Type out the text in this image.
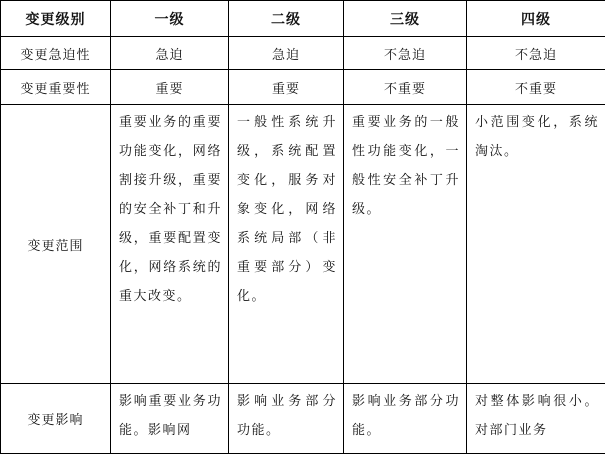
变更级别	一级	二级	三级	四级
变更急迫性	急迫	急迫	不急迫	不急迫
变更重要性	重要	重要	不重要	不重要
变更范围	重要业务的重要功能变化，网络割接升级，重要的安全补丁和升级，重要配置变化，网络系统的重大改变。	一般性系统升级，系统配置变化，服务对象变化，网络系统局部（非重要部分）变化。	重要业务的一般性功能变化，一般性安全补丁升级。	小范围变化，系统淘汰。

变更影响	影响重要业务功能。影响网	影响业务部分功能。	影响业务部分功能。	对整体影响很小。对部门业务
